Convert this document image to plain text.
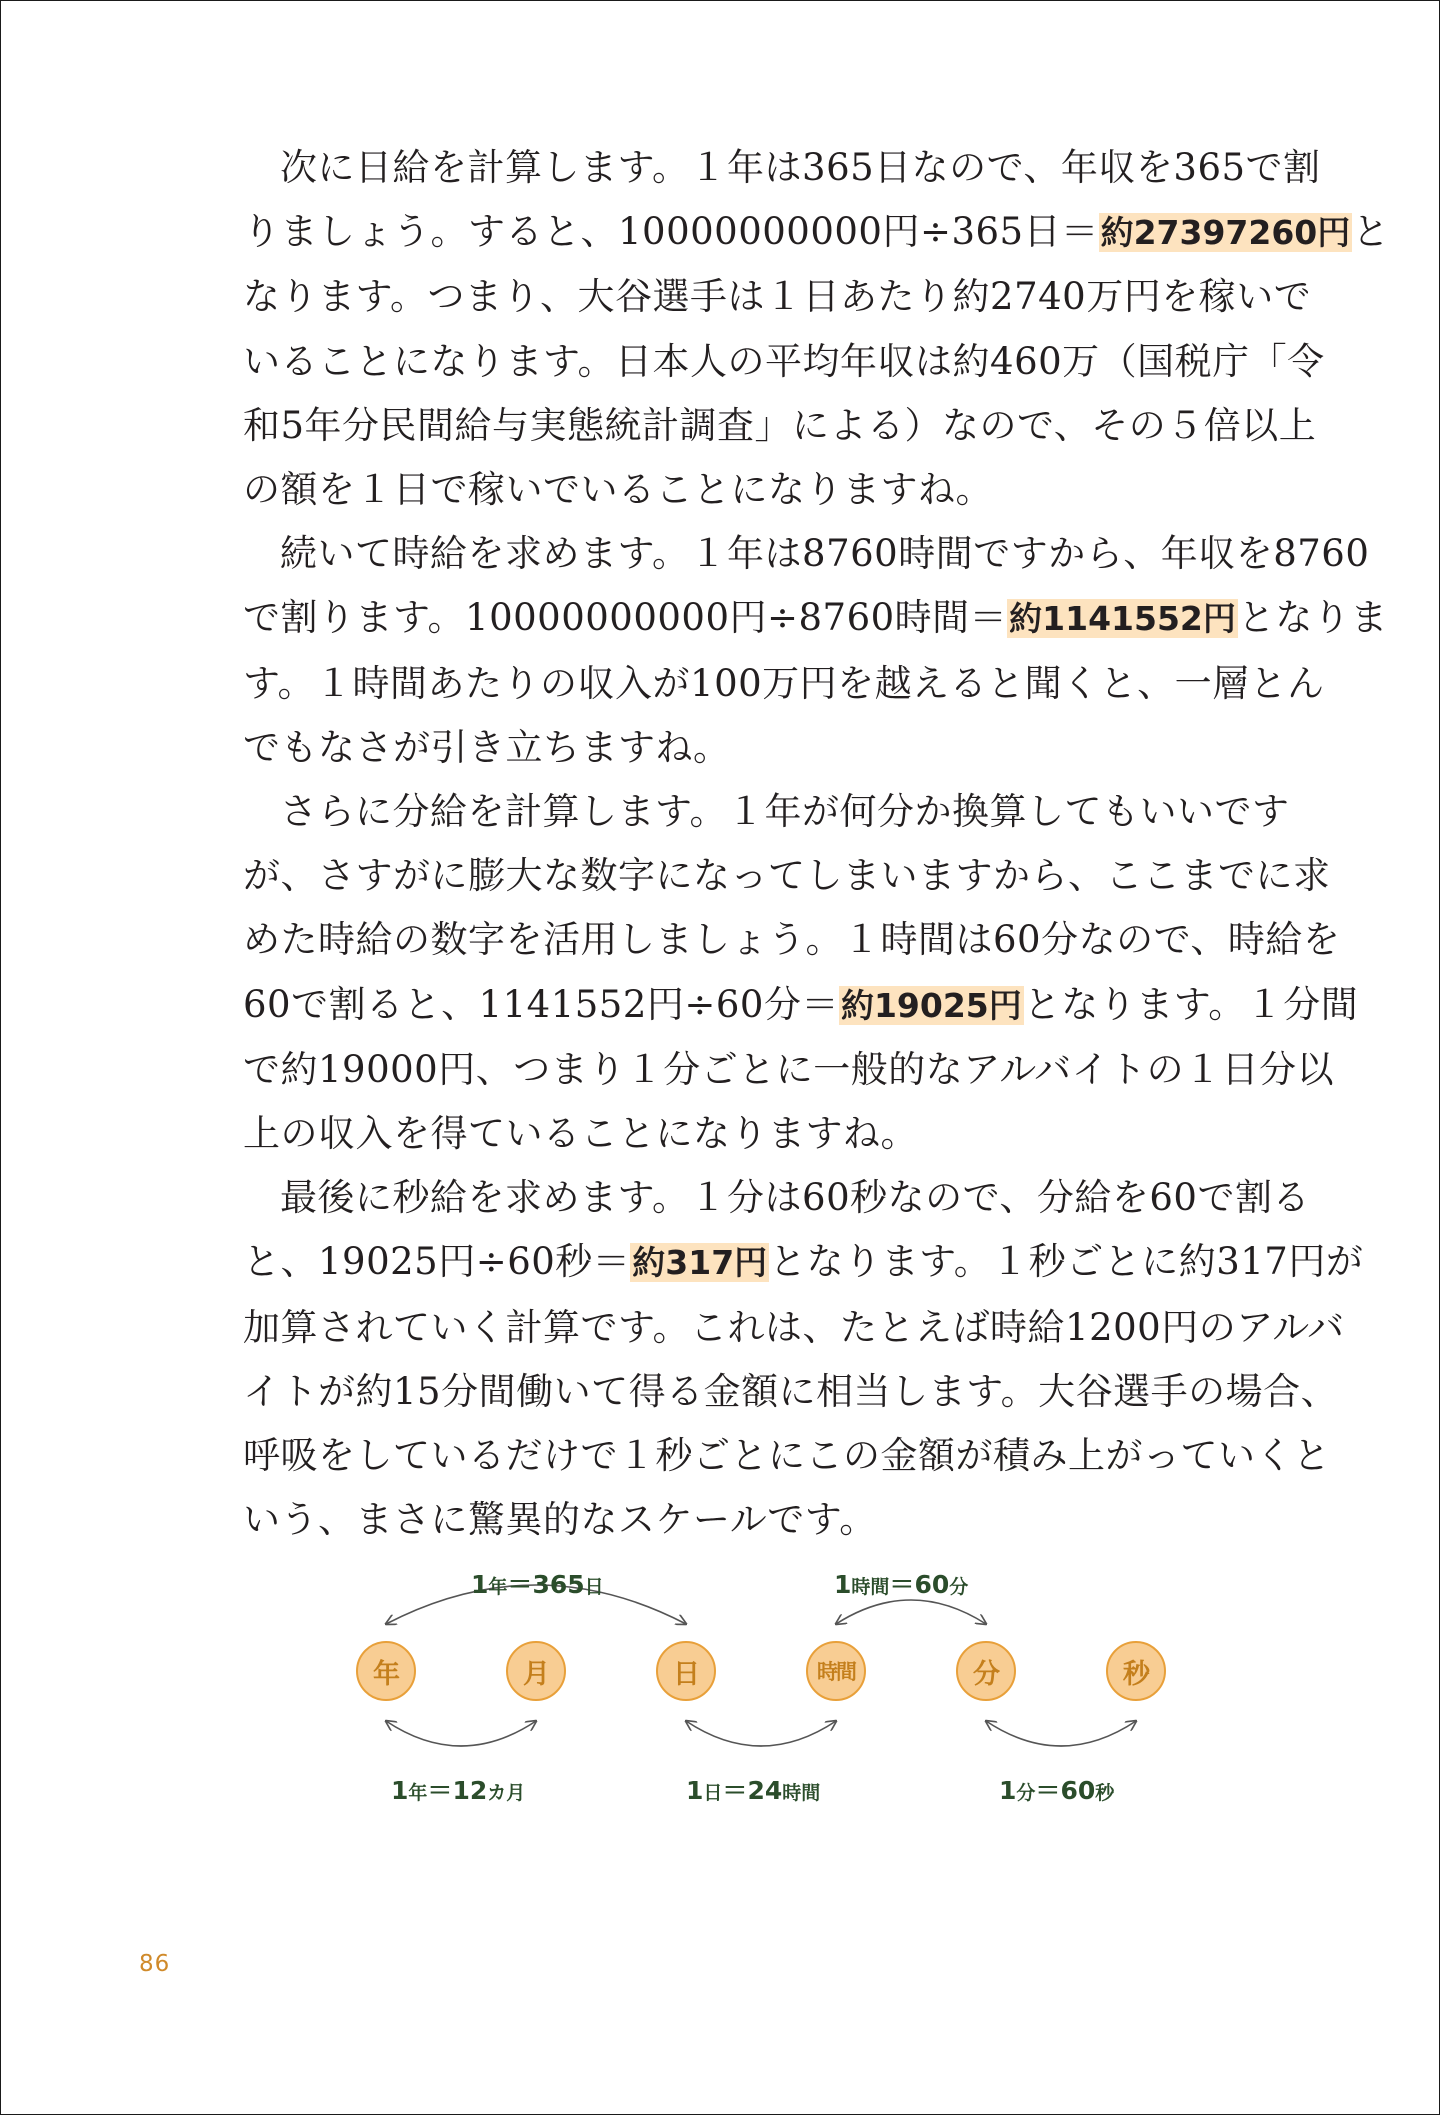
次に日給を計算します。１年は365日なので、年収を365で割
りましょう。すると、10000000000円÷365日＝約27397260円と
なります。つまり、大谷選手は１日あたり約2740万円を稼いで
いることになります。日本人の平均年収は約460万（国税庁「令
和5年分民間給与実態統計調査」による）なので、その５倍以上
の額を１日で稼いでいることになりますね。

続いて時給を求めます。１年は8760時間ですから、年収を8760
で割ります。10000000000円÷8760時間＝約1141552円となりま
す。１時間あたりの収入が100万円を越えると聞くと、一層とん
でもなさが引き立ちますね。

さらに分給を計算します。１年が何分か換算してもいいです
が、さすがに膨大な数字になってしまいますから、ここまでに求
めた時給の数字を活用しましょう。１時間は60分なので、時給を
60で割ると、1141552円÷60分＝約19025円となります。１分間
で約19000円、つまり１分ごとに一般的なアルバイトの１日分以
上の収入を得ていることになりますね。

最後に秒給を求めます。１分は60秒なので、分給を60で割る
と、19025円÷60秒＝約317円となります。１秒ごとに約317円が
加算されていく計算です。これは、たとえば時給1200円のアルバ
イトが約15分間働いて得る金額に相当します。大谷選手の場合、
呼吸をしているだけで１秒ごとにこの金額が積み上がっていくと
いう、まさに驚異的なスケールです。

年	月	日	時間	分	秒
1年＝365日	1時間＝60分
1年＝12カ月	1日＝24時間	1分＝60秒
86
